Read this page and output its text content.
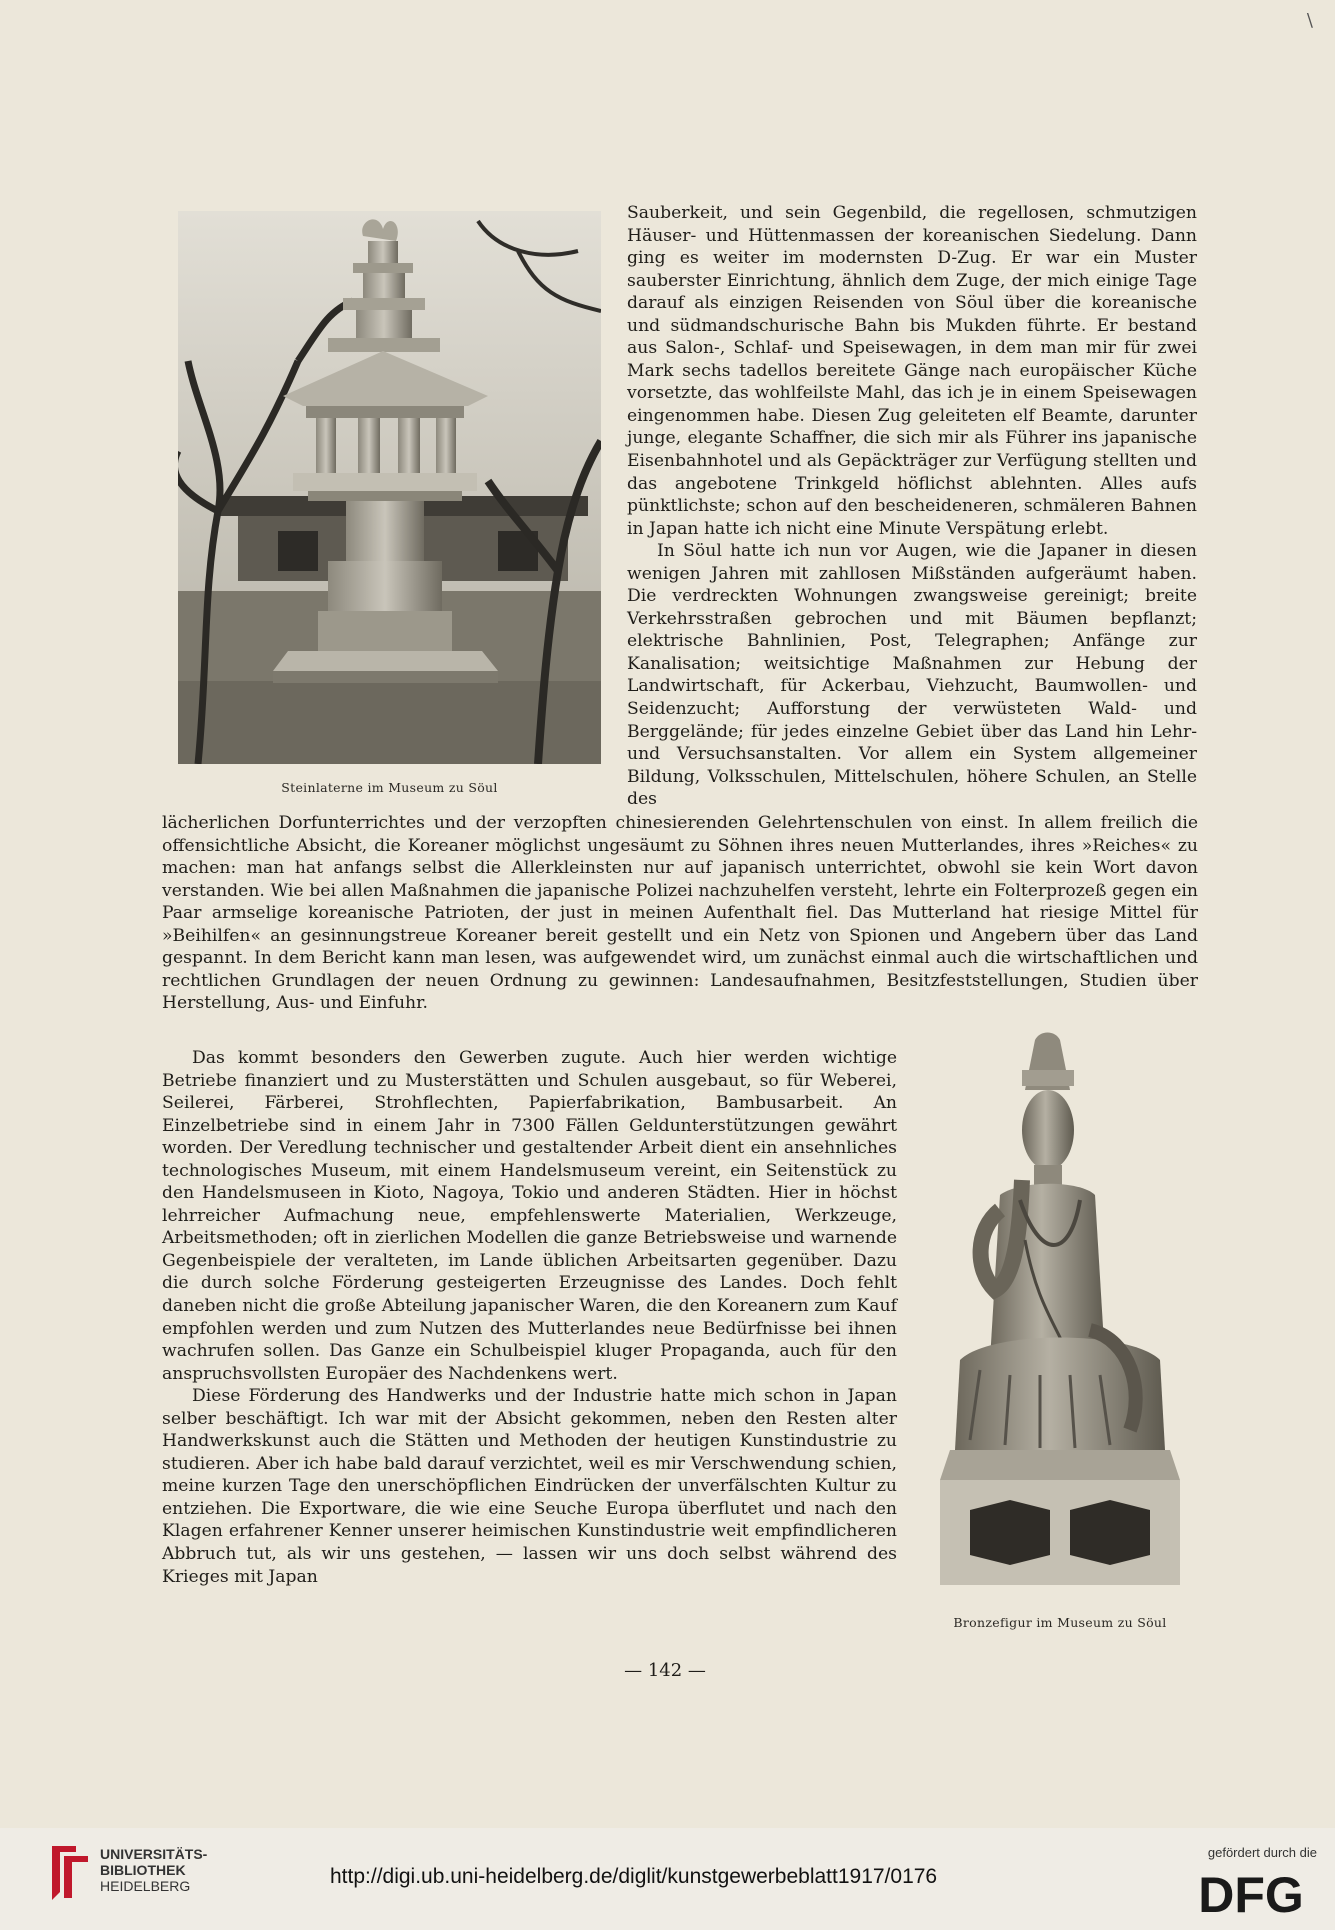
\
Steinlaterne im Museum zu Söul

Sauberkeit, und sein Gegenbild, die regellosen, schmutzigen Häuser- und Hüttenmassen der koreanischen Siedelung. Dann ging es weiter im modernsten D-Zug. Er war ein Muster sauberster Einrichtung, ähnlich dem Zuge, der mich einige Tage darauf als einzigen Reisenden von Söul über die koreanische und südmandschurische Bahn bis Mukden führte. Er bestand aus Salon-, Schlaf- und Speisewagen, in dem man mir für zwei Mark sechs tadellos bereitete Gänge nach europäischer Küche vorsetzte, das wohlfeilste Mahl, das ich je in einem Speisewagen eingenommen habe. Diesen Zug geleiteten elf Beamte, darunter junge, elegante Schaffner, die sich mir als Führer ins japanische Eisenbahnhotel und als Gepäckträger zur Verfügung stellten und das angebotene Trinkgeld höflichst ablehnten. Alles aufs pünktlichste; schon auf den bescheideneren, schmäleren Bahnen in Japan hatte ich nicht eine Minute Verspätung erlebt.

In Söul hatte ich nun vor Augen, wie die Japaner in diesen wenigen Jahren mit zahllosen Mißständen aufgeräumt haben. Die verdreckten Wohnungen zwangsweise gereinigt; breite Verkehrsstraßen gebrochen und mit Bäumen bepflanzt; elektrische Bahnlinien, Post, Telegraphen; Anfänge zur Kanalisation; weitsichtige Maßnahmen zur Hebung der Landwirtschaft, für Ackerbau, Viehzucht, Baumwollen- und Seidenzucht; Aufforstung der verwüsteten Wald- und Berggelände; für jedes einzelne Gebiet über das Land hin Lehr- und Versuchsanstalten. Vor allem ein System allgemeiner Bildung, Volksschulen, Mittelschulen, höhere Schulen, an Stelle des

lächerlichen Dorfunterrichtes und der verzopften chinesierenden Gelehrtenschulen von einst. In allem freilich die offensichtliche Absicht, die Koreaner möglichst ungesäumt zu Söhnen ihres neuen Mutterlandes, ihres »Reiches« zu machen: man hat anfangs selbst die Allerkleinsten nur auf japanisch unterrichtet, obwohl sie kein Wort davon verstanden. Wie bei allen Maßnahmen die japanische Polizei nachzuhelfen versteht, lehrte ein Folterprozeß gegen ein Paar armselige koreanische Patrioten, der just in meinen Aufenthalt fiel. Das Mutterland hat riesige Mittel für »Beihilfen« an gesinnungstreue Koreaner bereit gestellt und ein Netz von Spionen und Angebern über das Land gespannt. In dem Bericht kann man lesen, was aufgewendet wird, um zunächst einmal auch die wirtschaftlichen und rechtlichen Grundlagen der neuen Ordnung zu gewinnen: Landesaufnahmen, Besitzfeststellungen, Studien über Herstellung, Aus- und Einfuhr.

Das kommt besonders den Gewerben zugute. Auch hier werden wichtige Betriebe finanziert und zu Musterstätten und Schulen ausgebaut, so für Weberei, Seilerei, Färberei, Strohflechten, Papierfabrikation, Bambusarbeit. An Einzelbetriebe sind in einem Jahr in 7300 Fällen Geldunterstützungen gewährt worden. Der Veredlung technischer und gestaltender Arbeit dient ein ansehnliches technologisches Museum, mit einem Handelsmuseum vereint, ein Seitenstück zu den Handelsmuseen in Kioto, Nagoya, Tokio und anderen Städten. Hier in höchst lehrreicher Aufmachung neue, empfehlenswerte Materialien, Werkzeuge, Arbeitsmethoden; oft in zierlichen Modellen die ganze Betriebsweise und warnende Gegenbeispiele der veralteten, im Lande üblichen Arbeitsarten gegenüber. Dazu die durch solche Förderung gesteigerten Erzeugnisse des Landes. Doch fehlt daneben nicht die große Abteilung japanischer Waren, die den Koreanern zum Kauf empfohlen werden und zum Nutzen des Mutterlandes neue Bedürfnisse bei ihnen wachrufen sollen. Das Ganze ein Schulbeispiel kluger Propaganda, auch für den anspruchsvollsten Europäer des Nachdenkens wert.

Diese Förderung des Handwerks und der Industrie hatte mich schon in Japan selber beschäftigt. Ich war mit der Absicht gekommen, neben den Resten alter Handwerkskunst auch die Stätten und Methoden der heutigen Kunstindustrie zu studieren. Aber ich habe bald darauf verzichtet, weil es mir Verschwendung schien, meine kurzen Tage den unerschöpflichen Eindrücken der unverfälschten Kultur zu entziehen. Die Exportware, die wie eine Seuche Europa überflutet und nach den Klagen erfahrener Kenner unserer heimischen Kunstindustrie weit empfindlicheren Abbruch tut, als wir uns gestehen, — lassen wir uns doch selbst während des Krieges mit Japan

Bronzefigur im Museum zu Söul
— 142 —
UNIVERSITÄTS-
BIBLIOTHEK
HEIDELBERG	http://digi.ub.uni-heidelberg.de/diglit/kunstgewerbeblatt1917/0176
gefördert durch die
DFG
